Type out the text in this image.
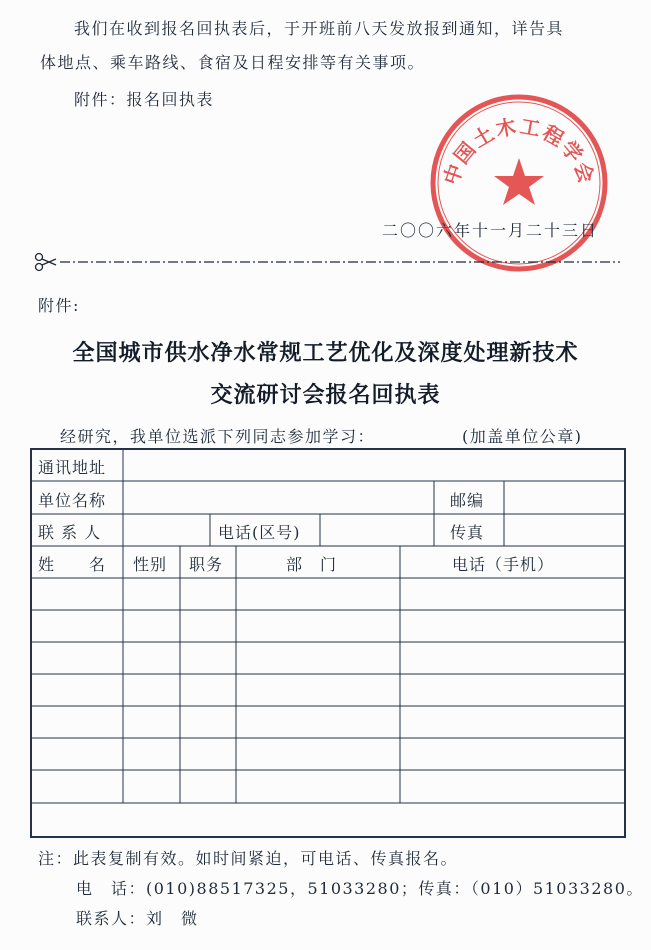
我们在收到报名回执表后，于开班前八天发放报到通知，详告具
体地点、乘车路线、食宿及日程安排等有关事项。
附件：报名回执表
中国土木工程学会
二〇〇六年十一月二十三日
附件:
全国城市供水净水常规工艺优化及深度处理新技术
交流研讨会报名回执表
经研究，我单位选派下列同志参加学习：	(加盖单位公章)
通讯地址
单位名称	邮编
联 系 人	电话(区号)	传真
姓　　名 性别 职务	部　门	电话（手机）
注：此表复制有效。如时间紧迫，可电话、传真报名。
电　话：(010)88517325，51033280；传真：（010）51033280。
联系人：刘　微
